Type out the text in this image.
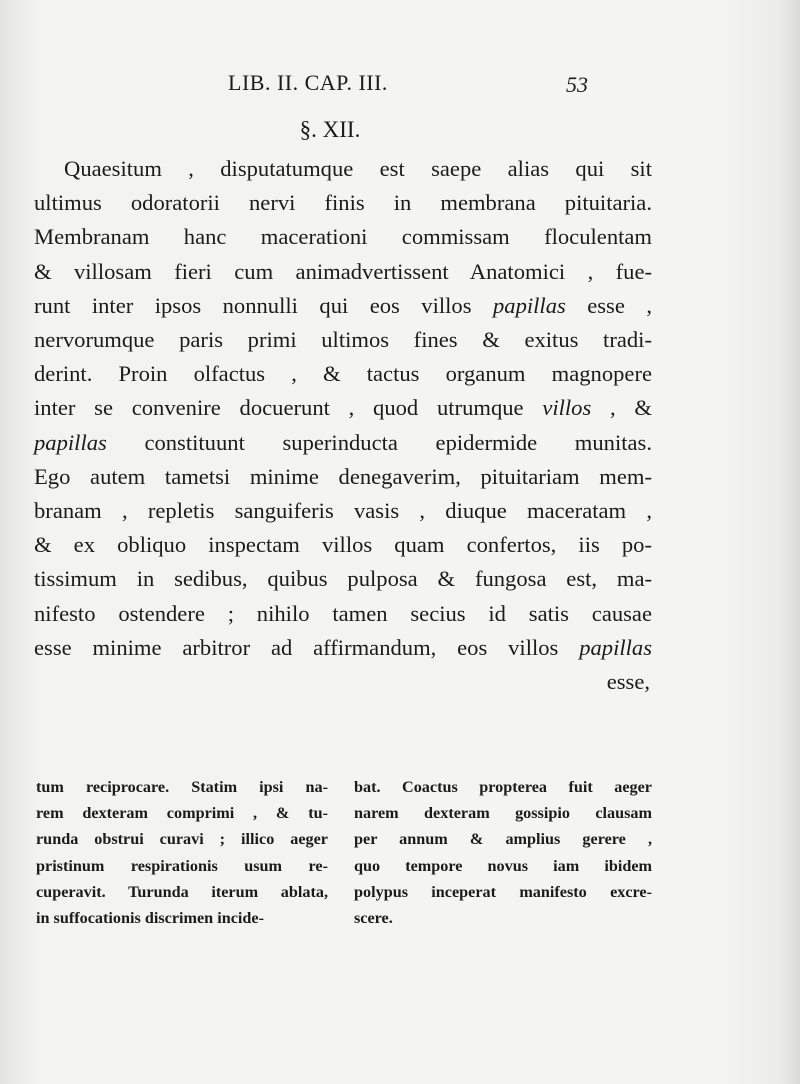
LIB. II. CAP. III.	53
§. XII.
Quaesitum , disputatumque est saepe alias qui sit
ultimus odoratorii nervi finis in membrana pituitaria.
Membranam hanc macerationi commissam floculentam
& villosam fieri cum animadvertissent Anatomici , fue-
runt inter ipsos nonnulli qui eos villos papillas esse ,
nervorumque paris primi ultimos fines & exitus tradi-
derint. Proin olfactus , & tactus organum magnopere
inter se convenire docuerunt , quod utrumque villos , &
papillas constituunt superinducta epidermide munitas.
Ego autem tametsi minime denegaverim, pituitariam mem-
branam , repletis sanguiferis vasis , diuque maceratam ,
& ex obliquo inspectam villos quam confertos, iis po-
tissimum in sedibus, quibus pulposa & fungosa est, ma-
nifesto ostendere ; nihilo tamen secius id satis causae
esse minime arbitror ad affirmandum, eos villos papillas
esse,
tum reciprocare. Statim ipsi na-
rem dexteram comprimi , & tu-
runda obstrui curavi ; illico aeger
pristinum respirationis usum re-
cuperavit. Turunda iterum ablata,
in suffocationis discrimen incide-
bat. Coactus propterea fuit aeger
narem dexteram gossipio clausam
per annum & amplius gerere ,
quo tempore novus iam ibidem
polypus inceperat manifesto excre-
scere.
